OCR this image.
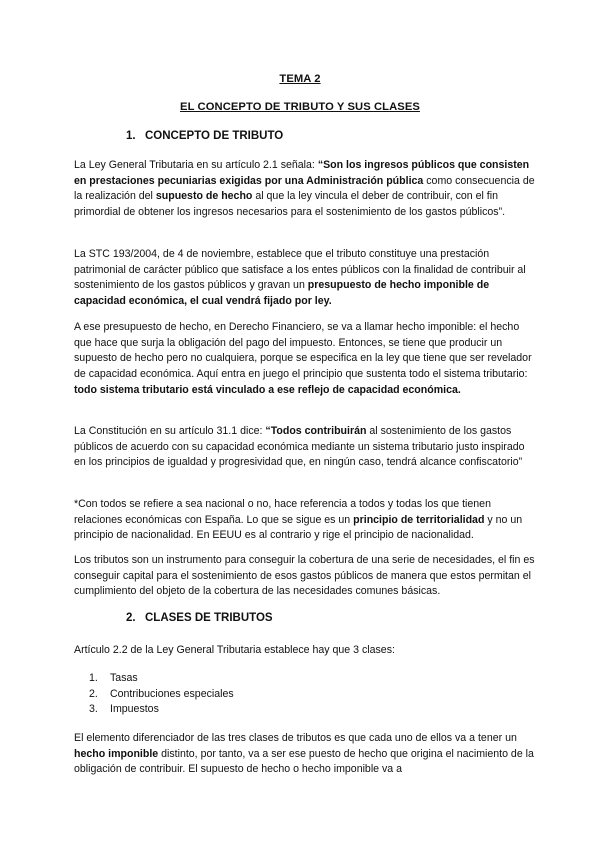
TEMA 2
EL CONCEPTO DE TRIBUTO Y SUS CLASES
1. CONCEPTO DE TRIBUTO

La Ley General Tributaria en su artículo 2.1 señala: “Son los ingresos públicos que consisten en prestaciones pecuniarias exigidas por una Administración pública como consecuencia de la realización del supuesto de hecho al que la ley vincula el deber de contribuir, con el fin primordial de obtener los ingresos necesarios para el sostenimiento de los gastos públicos”.

La STC 193/2004, de 4 de noviembre, establece que el tributo constituye una prestación patrimonial de carácter público que satisface a los entes públicos con la finalidad de contribuir al sostenimiento de los gastos públicos y gravan un presupuesto de hecho imponible de capacidad económica, el cual vendrá fijado por ley.

A ese presupuesto de hecho, en Derecho Financiero, se va a llamar hecho imponible: el hecho que hace que surja la obligación del pago del impuesto. Entonces, se tiene que producir un supuesto de hecho pero no cualquiera, porque se especifica en la ley que tiene que ser revelador de capacidad económica. Aquí entra en juego el principio que sustenta todo el sistema tributario: todo sistema tributario está vinculado a ese reflejo de capacidad económica.

La Constitución en su artículo 31.1 dice: “Todos contribuirán al sostenimiento de los gastos públicos de acuerdo con su capacidad económica mediante un sistema tributario justo inspirado en los principios de igualdad y progresividad que, en ningún caso, tendrá alcance confiscatorio”

*Con todos se refiere a sea nacional o no, hace referencia a todos y todas los que tienen relaciones económicas con España. Lo que se sigue es un principio de territorialidad y no un principio de nacionalidad. En EEUU es al contrario y rige el principio de nacionalidad.

Los tributos son un instrumento para conseguir la cobertura de una serie de necesidades, el fin es conseguir capital para el sostenimiento de esos gastos públicos de manera que estos permitan el cumplimiento del objeto de la cobertura de las necesidades comunes básicas.

2. CLASES DE TRIBUTOS

Artículo 2.2 de la Ley General Tributaria establece hay que 3 clases:

1. Tasas
2. Contribuciones especiales
3. Impuestos

El elemento diferenciador de las tres clases de tributos es que cada uno de ellos va a tener un hecho imponible distinto, por tanto, va a ser ese puesto de hecho que origina el nacimiento de la obligación de contribuir. El supuesto de hecho o hecho imponible va a
